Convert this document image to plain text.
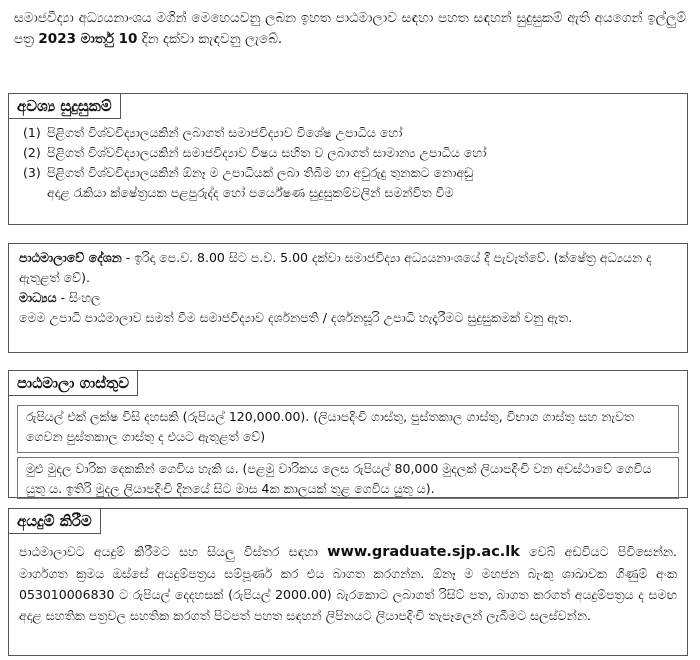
සමාජවිද්‍යා අධ්‍යයනාංශය මගින් මෙහෙයවනු ලබන ඉහත පාඨමාලාව සඳහා පහත සඳහන් සුදුසුකම් ඇති අයගෙන් ඉල්ලුම් පත්‍ර 2023 මාර්තු 10 දින දක්වා කැඳවනු ලැබේ.
අවශ්‍ය සුදුසුකම්
(1) පිළිගත් විශ්වවිද්‍යාලයකින් ලබාගත් සමාජවිද්‍යාව විශේෂ උපාධිය හෝ
(2) පිළිගත් විශ්වවිද්‍යාලයකින් සමාජවිද්‍යාව විෂය සහිත ව ලබාගත් සාමාන්‍ය උපාධිය හෝ
(3) පිළිගත් විශ්වවිද්‍යාලයකින් ඕනෑ ම උපාධියක් ලබා තිබීම හා අවුරුදු තුනකට නොඅඩු
අදාළ රැකියා ක්ෂේත්‍රයක පළපුරුද්ද හෝ පර්යේෂණ සුදුසුකම්වලින් සමන්විත වීම
පාඨමාලාවේ දේශන - ඉරිදා පෙ.ව. 8.00 සිට ප.ව. 5.00 දක්වා සමාජවිද්‍යා අධ්‍යයනාංශයේ දී පැවැත්වේ. (ක්ෂේත්‍ර අධ්‍යයන ද ඇතුළත් වේ).
මාධ්‍යය - සිංහල
මෙම උපාධි පාඨමාලාව සමත් වීම සමාජවිද්‍යාව දර්ශනපති / දර්ශනසූරි උපාධි හැදෑරීමට සුදුසුකමක් වනු ඇත.
පාඨමාලා ගාස්තුව
රුපියල් එක් ලක්ෂ විසි දහසකි (රුපියල් 120,000.00). (ලියාපදිංචි ගාස්තු, පුස්තකාල ගාස්තු, විභාග ගාස්තු සහ නැවත ගෙවන පුස්තකාල ගාස්තු ද එයට ඇතුළත් වේ)
මුළු මුදල වාරික දෙකකින් ගෙවිය හැකි ය. (පළමු වාරිකය ලෙස රුපියල් 80,000 මුදලක් ලියාපදිංචි වන අවස්ථාවේ ගෙවිය යුතු ය. ඉතිරි මුදල ලියාපදිංචි දිනයේ සිට මාස 4ක කාලයක් තුළ ගෙවිය යුතු ය).
අයදුම් කිරීම
පාඨමාලාවට අයදුම් කිරීමට සහ සියලු විස්තර සඳහා www.graduate.sjp.ac.lk වෙබ් අඩවියට පිවිසෙන්න. මාර්ගගත ක්‍රමය ඔස්සේ අයදුම්පත්‍රය සම්පූර්ණ කර එය බාගත කරගන්න. ඕනෑ ම මහජන බැංකු ශාඛාවක ගිණුම් අංක 053010006830 ට රුපියල් දෙදහසක් (රුපියල් 2000.00) බැරකොට ලබාගත් රිසිට් පත, බාගත කරගත් අයදුම්පත්‍රය ද සමඟ අදාළ සහතික පත්‍රවල සහතික කරගත් පිටපත් පහත සඳහන් ලිපිනයට ලියාපදිංචි තැපෑලෙන් ලැබීමට සලස්වන්න.
